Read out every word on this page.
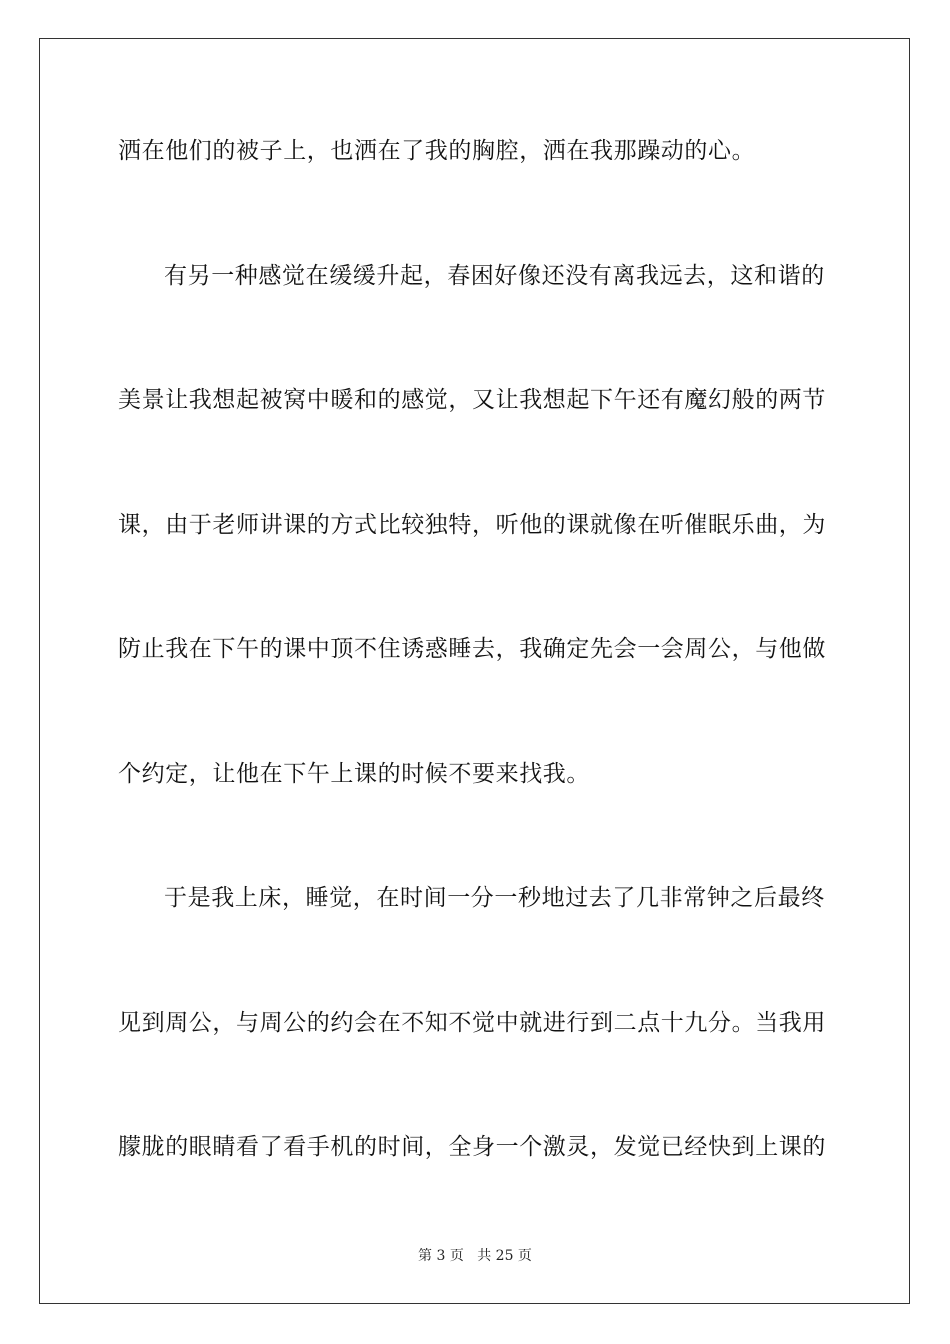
洒在他们的被子上，也洒在了我的胸腔，洒在我那躁动的心。
有另一种感觉在缓缓升起，春困好像还没有离我远去，这和谐的
美景让我想起被窝中暖和的感觉，又让我想起下午还有魔幻般的两节
课，由于老师讲课的方式比较独特，听他的课就像在听催眠乐曲，为
防止我在下午的课中顶不住诱惑睡去，我确定先会一会周公，与他做
个约定，让他在下午上课的时候不要来找我。
于是我上床，睡觉，在时间一分一秒地过去了几非常钟之后最终
见到周公，与周公的约会在不知不觉中就进行到二点十九分。当我用
朦胧的眼睛看了看手机的时间，全身一个激灵，发觉已经快到上课的
第 3 页 共 25 页
